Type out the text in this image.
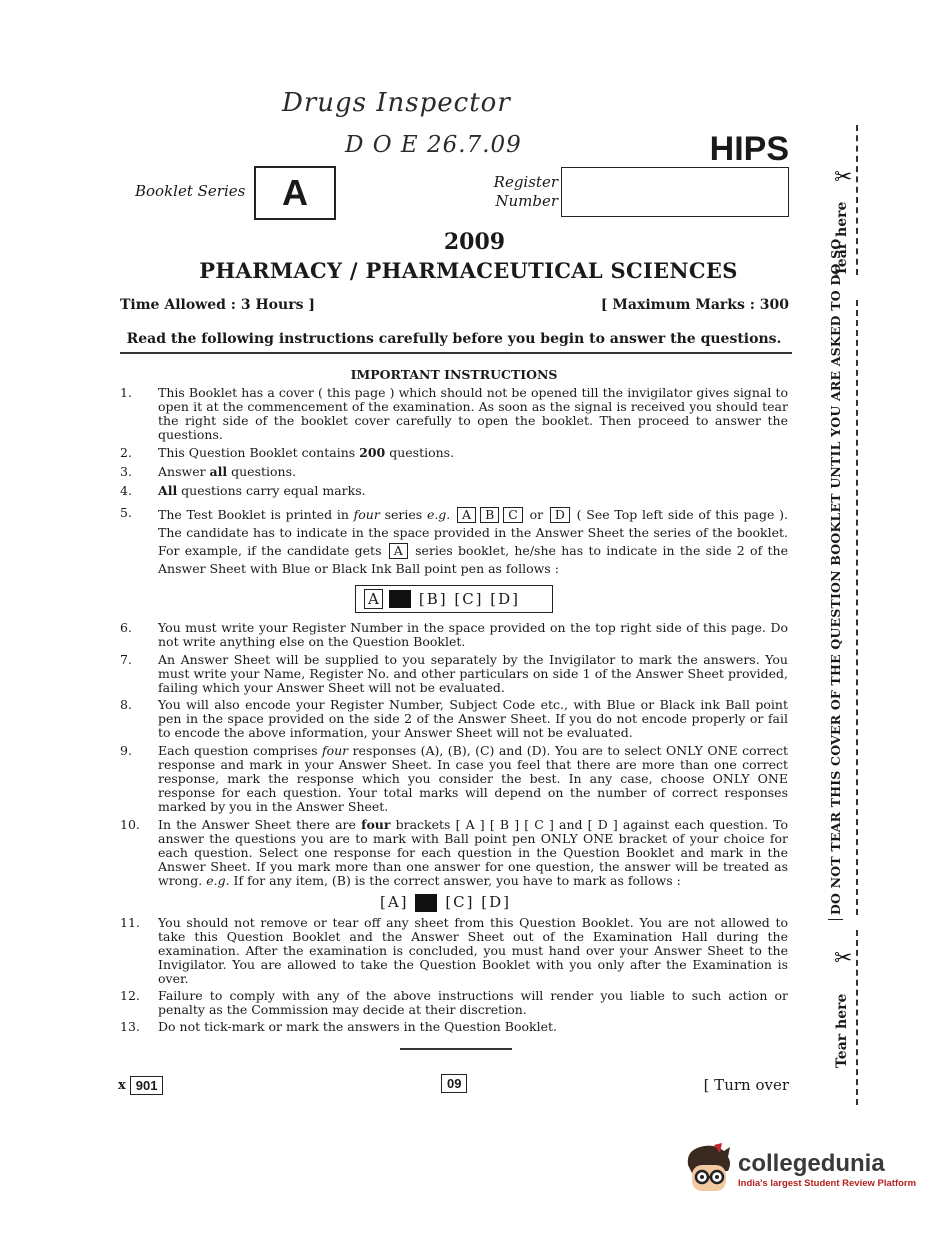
Drugs Inspector
D O E 26.7.09	HIPS
Booklet Series	A	Register
Number
2009
PHARMACY / PHARMACEUTICAL SCIENCES
Time Allowed : 3 Hours ]	[ Maximum Marks : 300
Read the following instructions carefully before you begin to answer the questions.
IMPORTANT INSTRUCTIONS
1.	This Booklet has a cover ( this page ) which should not be opened till the invigilator gives signal to open it at the commencement of the examination. As soon as the signal is received you should tear the right side of the booklet cover carefully to open the booklet. Then proceed to answer the questions.
2.	This Question Booklet contains 200 questions.
3.	Answer all questions.
4.	All questions carry equal marks.
5.	The Test Booklet is printed in four series e.g. A B C or D ( See Top left side of this page ). The candidate has to indicate in the space provided in the Answer Sheet the series of the booklet. For example, if the candidate gets A series booklet, he/she has to indicate in the side 2 of the Answer Sheet with Blue or Black Ink Ball point pen as follows :
A	[B] [C] [D]
6.	You must write your Register Number in the space provided on the top right side of this page. Do not write anything else on the Question Booklet.
7.	An Answer Sheet will be supplied to you separately by the Invigilator to mark the answers. You must write your Name, Register No. and other particulars on side 1 of the Answer Sheet provided, failing which your Answer Sheet will not be evaluated.
8.	You will also encode your Register Number, Subject Code etc., with Blue or Black ink Ball point pen in the space provided on the side 2 of the Answer Sheet. If you do not encode properly or fail to encode the above information, your Answer Sheet will not be evaluated.
9.	Each question comprises four responses (A), (B), (C) and (D). You are to select ONLY ONE correct response and mark in your Answer Sheet. In case you feel that there are more than one correct response, mark the response which you consider the best. In any case, choose ONLY ONE response for each question. Your total marks will depend on the number of correct responses marked by you in the Answer Sheet.
10.	In the Answer Sheet there are four brackets [ A ] [ B ] [ C ] and [ D ] against each question. To answer the questions you are to mark with Ball point pen ONLY ONE bracket of your choice for each question. Select one response for each question in the Question Booklet and mark in the Answer Sheet. If you mark more than one answer for one question, the answer will be treated as wrong. e.g. If for any item, (B) is the correct answer, you have to mark as follows :
[A] [C] [D]
11.	You should not remove or tear off any sheet from this Question Booklet. You are not allowed to take this Question Booklet and the Answer Sheet out of the Examination Hall during the examination. After the examination is concluded, you must hand over your Answer Sheet to the Invigilator. You are allowed to take the Question Booklet with you only after the Examination is over.
12.	Failure to comply with any of the above instructions will render you liable to such action or penalty as the Commission may decide at their discretion.
13.	Do not tick-mark or mark the answers in the Question Booklet.
x 901	09	[ Turn over
✂
✂
Tear here
DO NOT TEAR THIS COVER OF THE QUESTION BOOKLET UNTIL YOU ARE ASKED TO DO SO
Tear here
collegedunia
India's largest Student Review Platform
